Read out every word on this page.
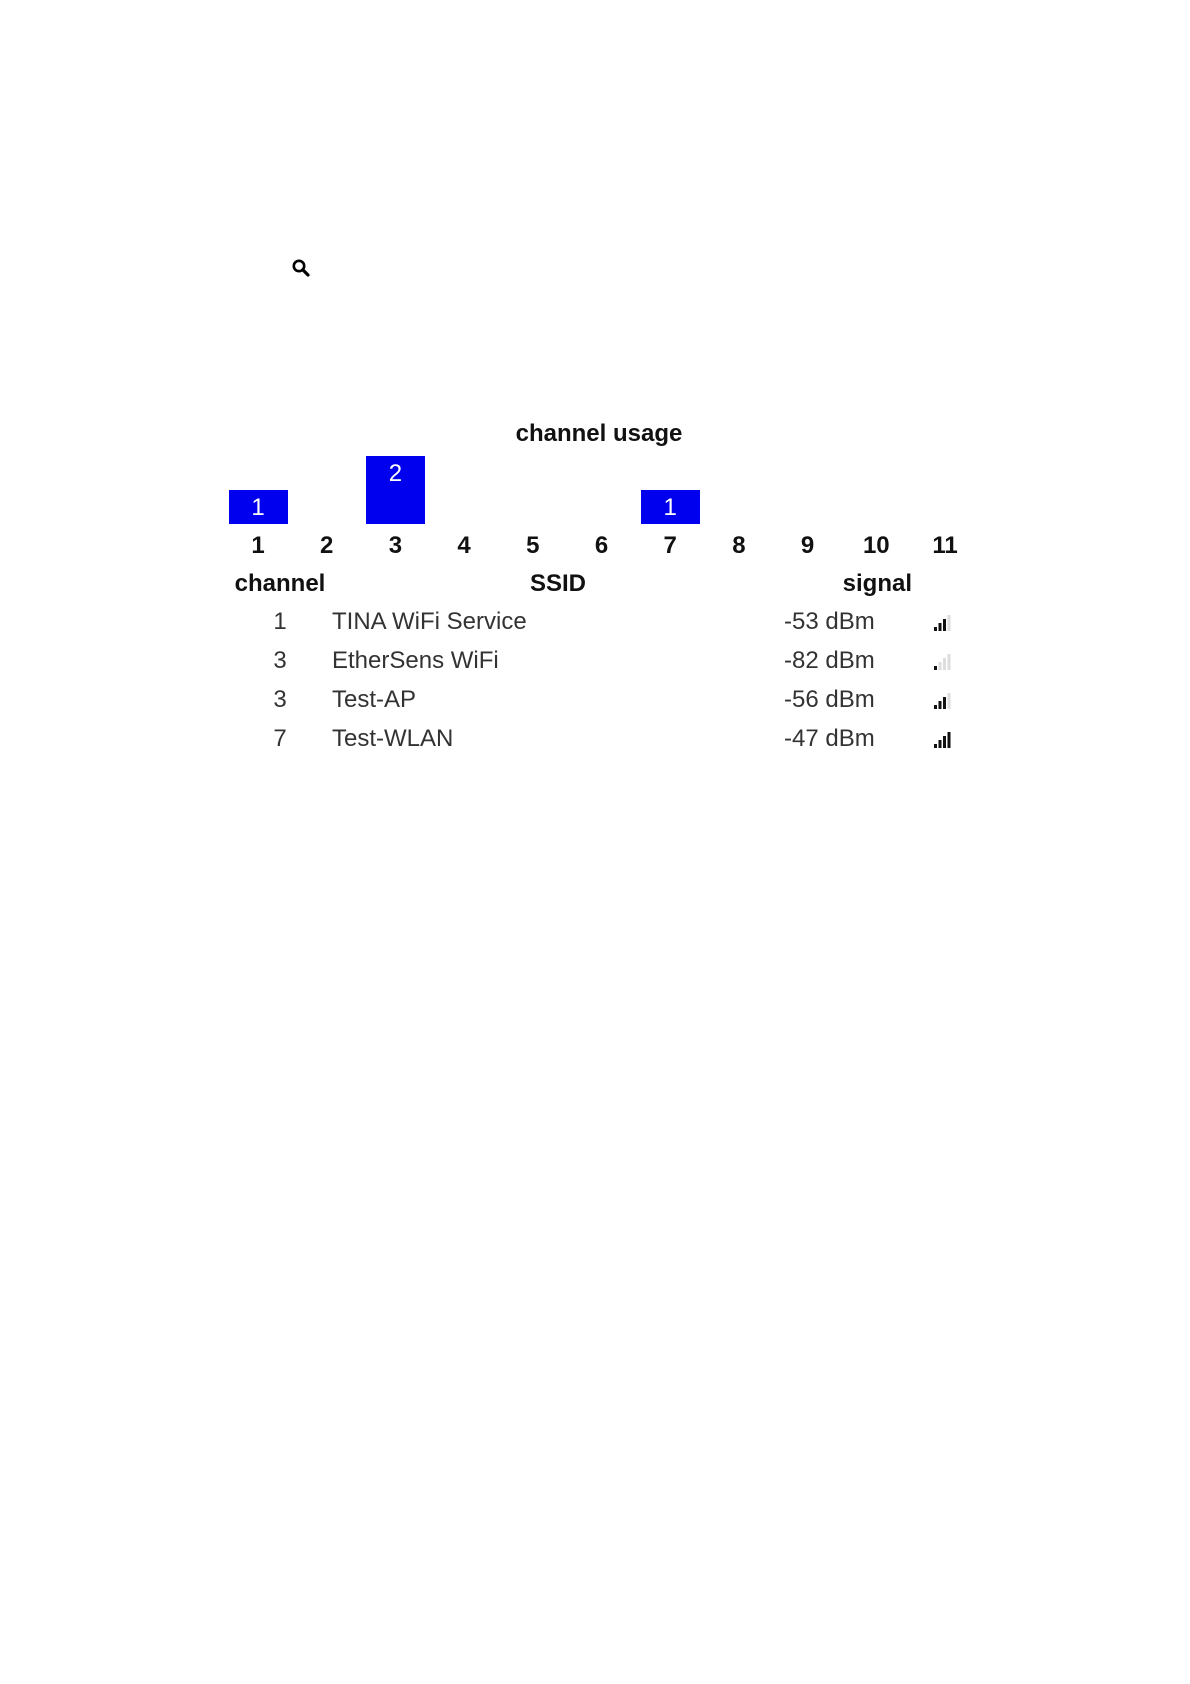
channel usage
1
1
2	3
2
4	5	6	7
1
8	9	10	11
channel	SSID	signal	
1	TINA WiFi Service	-53 dBm	
3	EtherSens WiFi	-82 dBm	
3	Test-AP	-56 dBm	
7	Test-WLAN	-47 dBm	
